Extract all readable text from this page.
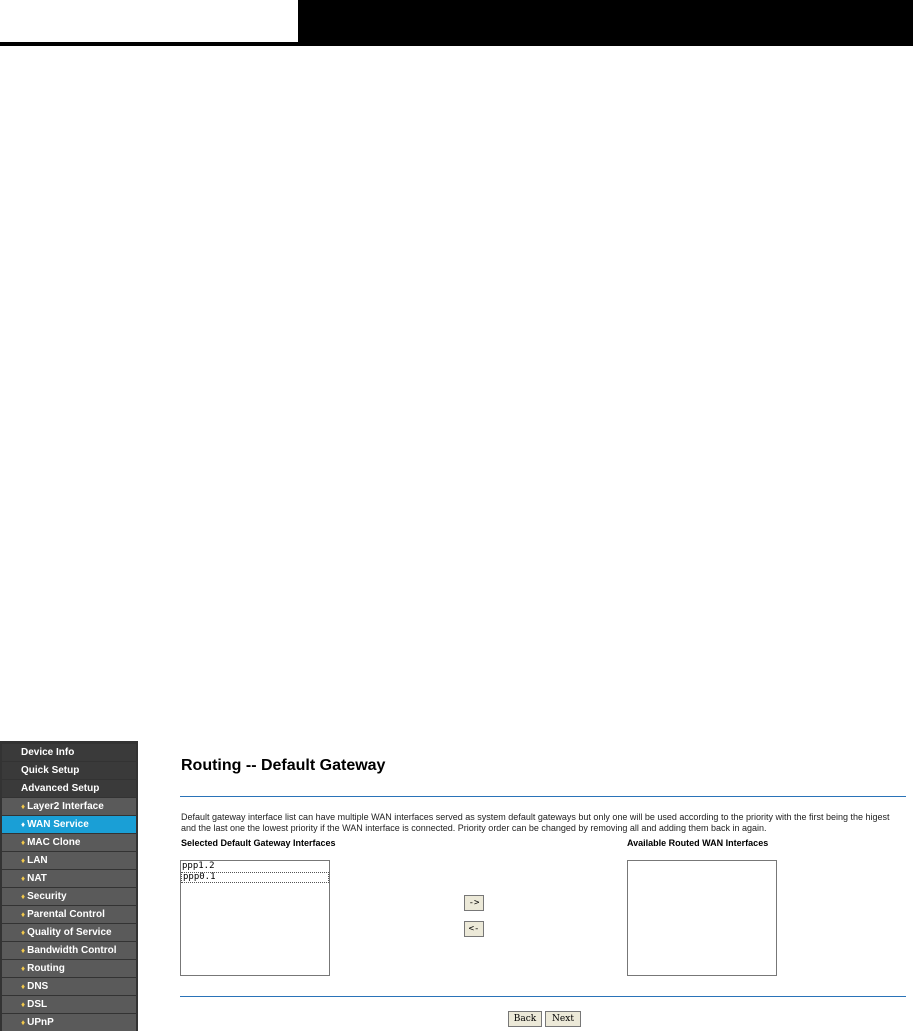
Device Info
Quick Setup
Advanced Setup
♦ Layer2 Interface
♦ WAN Service
♦ MAC Clone
♦ LAN
♦ NAT
♦ Security
♦ Parental Control
♦ Quality of Service
♦ Bandwidth Control
♦ Routing
♦ DNS
♦ DSL
♦ UPnP
Routing -- Default Gateway
Default gateway interface list can have multiple WAN interfaces served as system default gateways but only one will be used according to the priority with the first being the higest and the last one the lowest priority if the WAN interface is connected. Priority order can be changed by removing all and adding them back in again.
Selected Default Gateway Interfaces	Available Routed WAN Interfaces
ppp1.2
ppp0.1
->
<-
Back	Next
